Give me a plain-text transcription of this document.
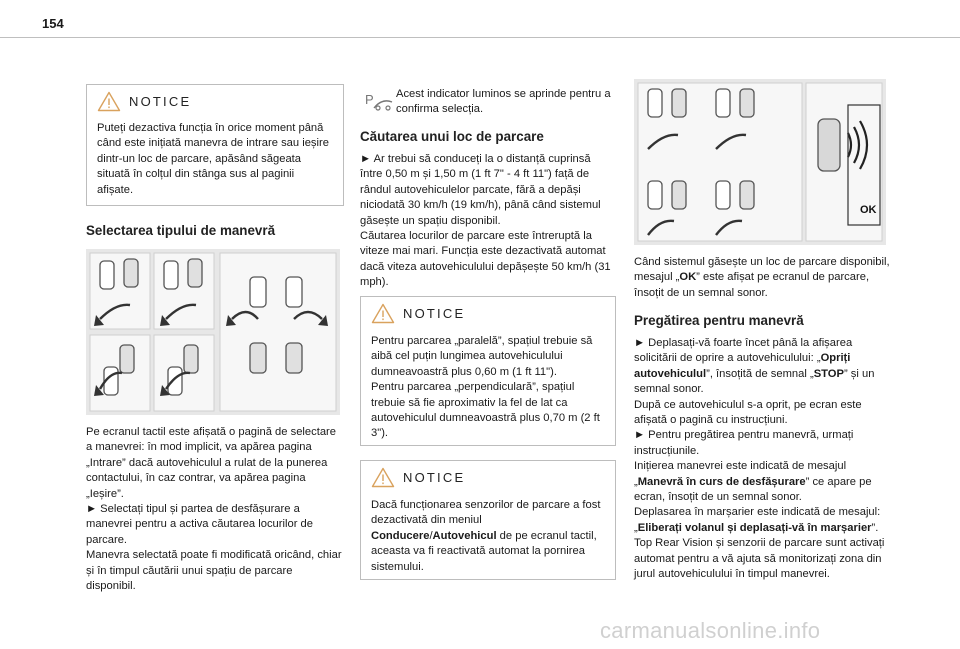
154
NOTICE
Puteți dezactiva funcția în orice moment până când este inițiată manevra de intrare sau ieșire dintr-un loc de parcare, apăsând săgeata situată în colțul din stânga sus al paginii afișate.
Selectarea tipului de manevră

Pe ecranul tactil este afișată o pagină de selectare a manevrei: în mod implicit, va apărea pagina „Intrare” dacă autovehiculul a rulat de la punerea contactului, în caz contrar, va apărea pagina „Ieșire”.

► Selectați tipul și partea de desfășurare a manevrei pentru a activa căutarea locurilor de parcare.

Manevra selectată poate fi modificată oricând, chiar și în timpul căutării unui spațiu de parcare disponibil.

P Acest indicator luminos se aprinde pentru a confirma selecția.
Căutarea unui loc de parcare

► Ar trebui să conduceți la o distanță cuprinsă între 0,50 m și 1,50 m (1 ft 7" - 4 ft 11") față de rândul autovehiculelor parcate, fără a depăși niciodată 30 km/h (19 km/h), până când sistemul găsește un spațiu disponibil.

Căutarea locurilor de parcare este întreruptă la viteze mai mari. Funcția este dezactivată automat dacă viteza autovehiculului depășește 50 km/h (31 mph).

NOTICE

Pentru parcarea „paralelă”, spațiul trebuie să aibă cel puțin lungimea autovehiculului dumneavoastră plus 0,60 m (1 ft 11").

Pentru parcarea „perpendiculară”, spațiul trebuie să fie aproximativ la fel de lat ca autovehiculul dumneavoastră plus 0,70 m (2 ft 3").

NOTICE
Dacă funcționarea senzorilor de parcare a fost dezactivată din meniul Conducere/Autovehicul de pe ecranul tactil, aceasta va fi reactivată automat la pornirea sistemului.
OK
Când sistemul găsește un loc de parcare disponibil, mesajul „OK” este afișat pe ecranul de parcare, însoțit de un semnal sonor.
Pregătirea pentru manevră

► Deplasați-vă foarte încet până la afișarea solicitării de oprire a autovehiculului: „Opriți autovehiculul”, însoțită de semnal „STOP” și un semnal sonor.

După ce autovehiculul s-a oprit, pe ecran este afișată o pagină cu instrucțiuni.

► Pentru pregătirea pentru manevră, urmați instrucțiunile.

Inițierea manevrei este indicată de mesajul „Manevră în curs de desfășurare” ce apare pe ecran, însoțit de un semnal sonor.

Deplasarea în marșarier este indicată de mesajul: „Eliberați volanul și deplasați-vă în marșarier”.

Top Rear Vision și senzorii de parcare sunt activați automat pentru a vă ajuta să monitorizați zona din jurul autovehiculului în timpul manevrei.

carmanualsonline.info
